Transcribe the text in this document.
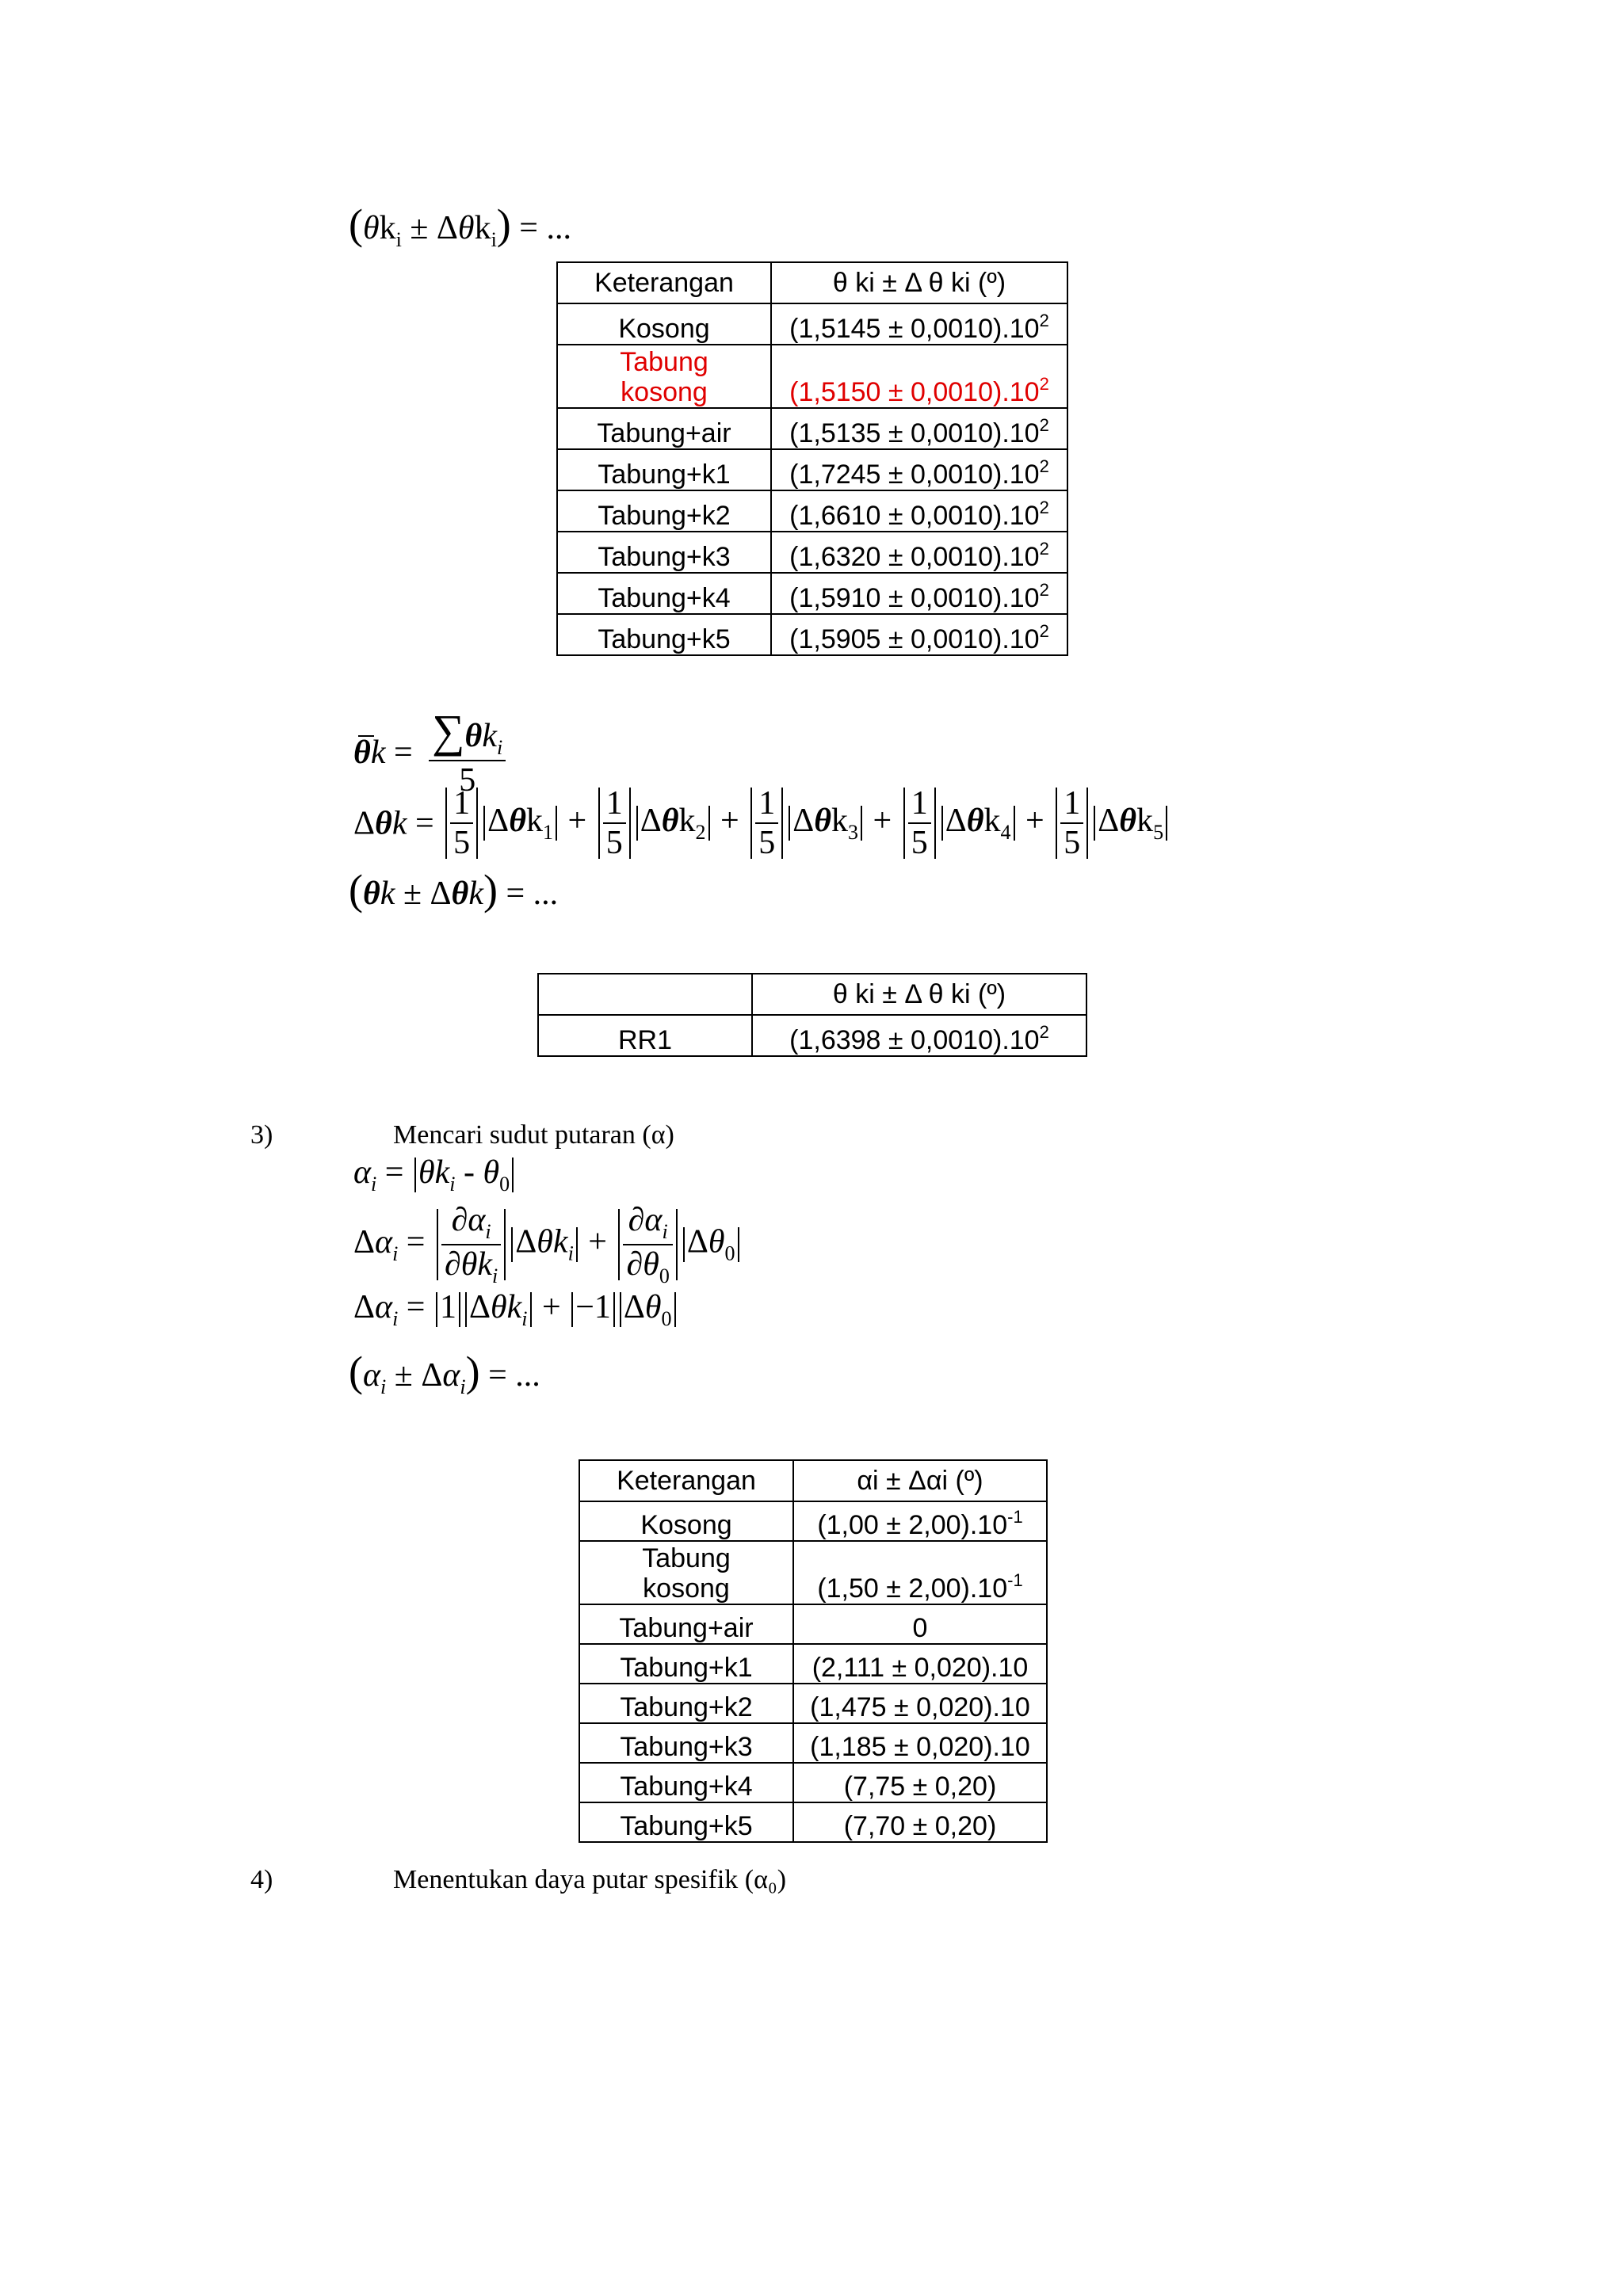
$(\theta k_i \pm \Delta\theta k_i)$ = ...
Keterangan	θ ki ± Δ θ ki (º)
Kosong	$(1,5145 \pm 0,0010).10^2$

Tabung kosong	$(1,5150 \pm 0,0010).10^2$
Tabung+air	$(1,5135 \pm 0,0010).10^2$
Tabung+k1	$(1,7245 \pm 0,0010).10^2$
Tabung+k2	$(1,6610 \pm 0,0010).10^2$
Tabung+k3	$(1,6320 \pm 0,0010).10^2$
Tabung+k4	$(1,5910 \pm 0,0010).10^2$
Tabung+k5	$(1,5905 \pm 0,0010).10^2$
$\theta k = \frac{\sum\theta k_i}{5}$
$\Delta\theta k = \frac{1}{5} \Delta\theta k_1 + \frac{1}{5} \Delta\theta k_2 + \frac{1}{5} \Delta\theta k_3 + \frac{1}{5} \Delta\theta k_4 + \frac{1}{5} \Delta\theta k_5$
(θk ± Δθk) = ...
	θ ki ± Δ θ ki (º)
RR1	$(1,6398 \pm 0,0010).10^2$
3)	Mencari sudut putaran (α)
$\alpha_i = \theta k_i - \theta_0$
$\Delta\alpha_i = \frac{\partial\alpha_i}{\partial\theta k_i} \Delta\theta k_i + \frac{\partial\alpha_i}{\partial\theta_0} \Delta\theta_0$
$\Delta\alpha_i = 1$ Δθk$_i$ + −1 $\Delta\theta_0$
$(\alpha_i \pm \Delta\alpha_i)$ = ...
Keterangan	αi ± Δαi (º)
Kosong	$(1,00 \pm 2,00).10^{-1}$

Tabung kosong	$(1,50 \pm 2,00).10^{-1}$
Tabung+air	0
Tabung+k1	(2,111 ± 0,020).10
Tabung+k2	(1,475 ± 0,020).10
Tabung+k3	(1,185 ± 0,020).10
Tabung+k4	(7,75 ± 0,20)
Tabung+k5	(7,70 ± 0,20)
4)	Menentukan daya putar spesifik (α₀)
